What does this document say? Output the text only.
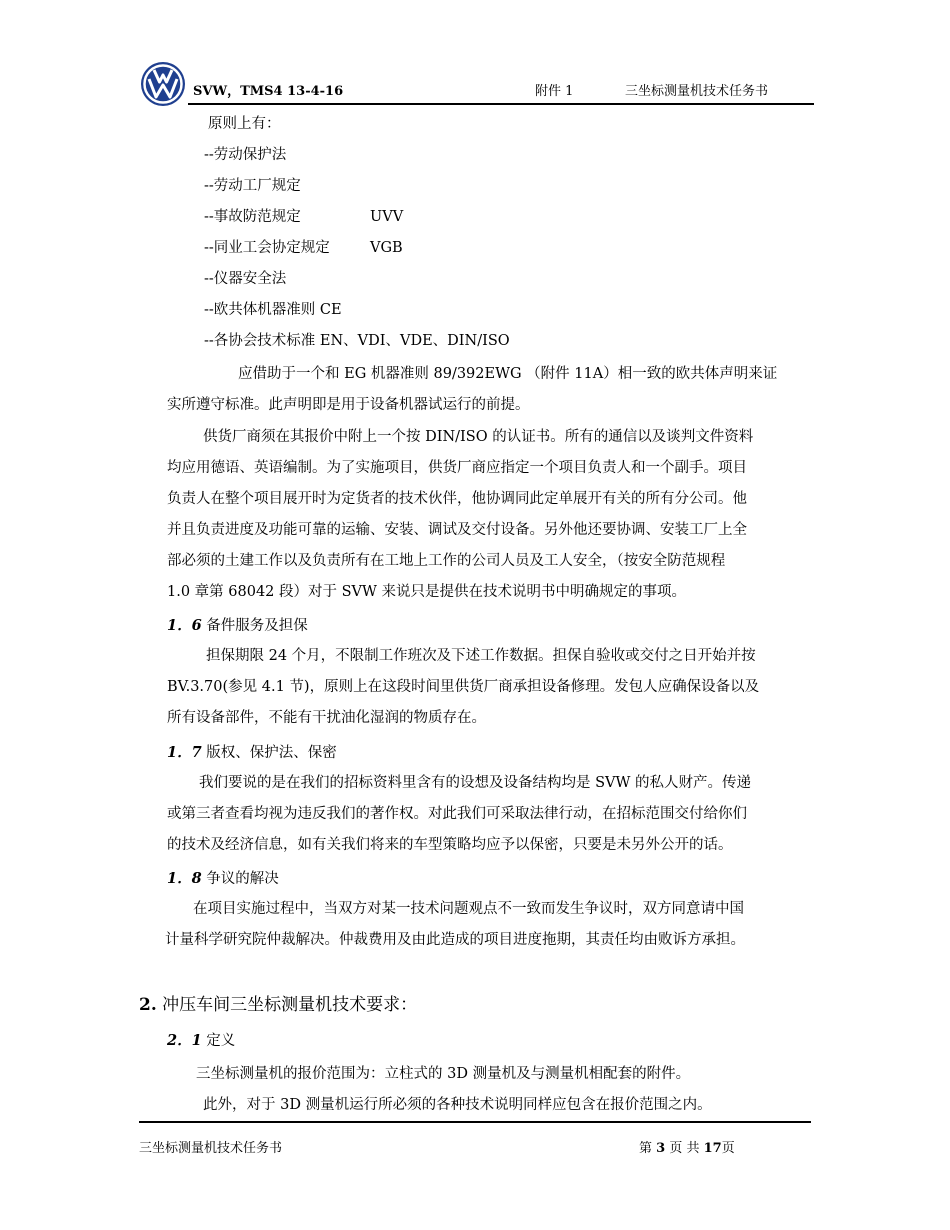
SVW，TMS4 13-4-16	附件 1	三坐标测量机技术任务书
原则上有：
--劳动保护法
--劳动工厂规定
--事故防范规定	UVV
--同业工会协定规定	VGB
--仪器安全法
--欧共体机器准则 CE
--各协会技术标准 EN、VDI、VDE、DIN/ISO
应借助于一个和 EG 机器准则 89/392EWG （附件 11A）相一致的欧共体声明来证
实所遵守标准。此声明即是用于设备机器试运行的前提。
供货厂商须在其报价中附上一个按 DIN/ISO 的认证书。所有的通信以及谈判文件资料
均应用德语、英语编制。为了实施项目，供货厂商应指定一个项目负责人和一个副手。项目
负责人在整个项目展开时为定货者的技术伙伴，他协调同此定单展开有关的所有分公司。他
并且负责进度及功能可靠的运输、安装、调试及交付设备。另外他还要协调、安装工厂上全
部必须的土建工作以及负责所有在工地上工作的公司人员及工人安全，（按安全防范规程
1.0 章第 68042 段）对于 SVW 来说只是提供在技术说明书中明确规定的事项。
1．6 备件服务及担保
担保期限 24 个月，不限制工作班次及下述工作数据。担保自验收或交付之日开始并按
BV.3.70(参见 4.1 节)，原则上在这段时间里供货厂商承担设备修理。发包人应确保设备以及
所有设备部件，不能有干扰油化湿润的物质存在。
1．7 版权、保护法、保密
我们要说的是在我们的招标资料里含有的设想及设备结构均是 SVW 的私人财产。传递
或第三者查看均视为违反我们的著作权。对此我们可采取法律行动，在招标范围交付给你们
的技术及经济信息，如有关我们将来的车型策略均应予以保密，只要是未另外公开的话。
1．8 争议的解决
在项目实施过程中，当双方对某一技术问题观点不一致而发生争议时，双方同意请中国
计量科学研究院仲裁解决。仲裁费用及由此造成的项目进度拖期，其责任均由败诉方承担。
2. 冲压车间三坐标测量机技术要求：
2．1 定义
三坐标测量机的报价范围为：立柱式的 3D 测量机及与测量机相配套的附件。
此外，对于 3D 测量机运行所必须的各种技术说明同样应包含在报价范围之内。
三坐标测量机技术任务书	第 3 页 共 17页
